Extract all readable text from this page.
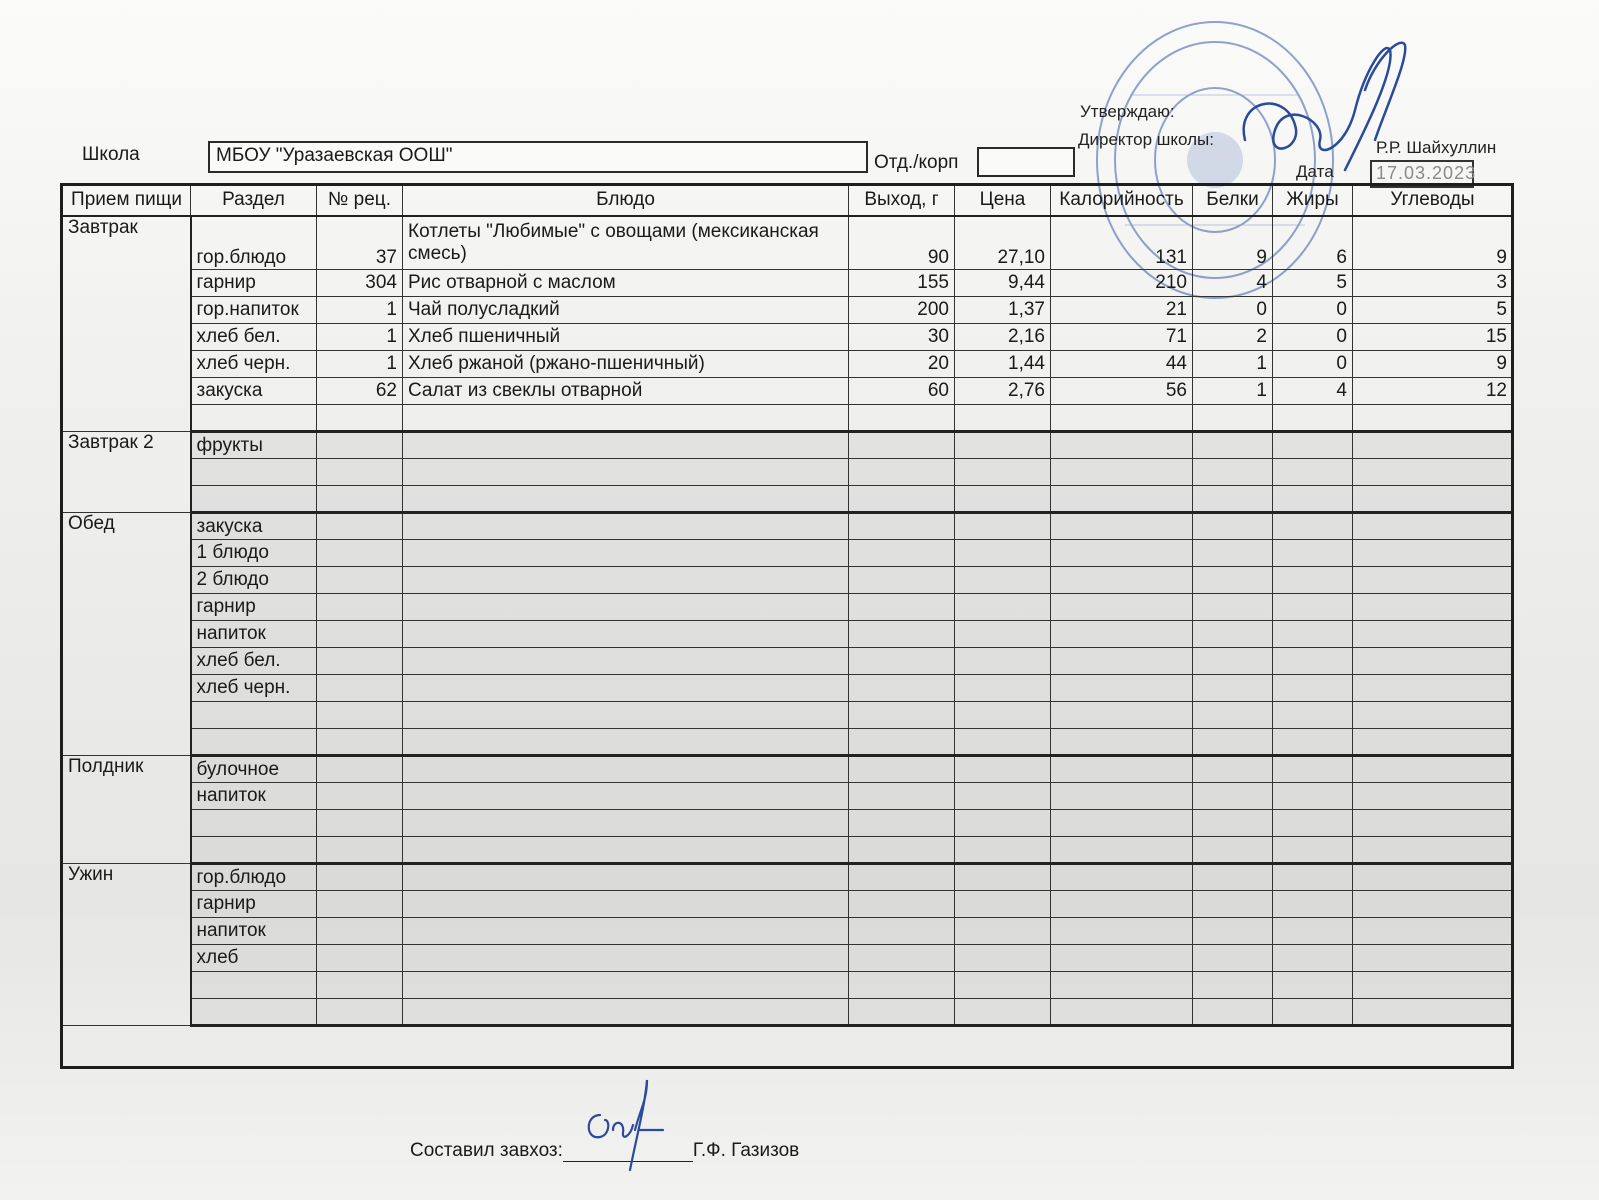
Школа	МБОУ "Уразаевская ООШ"	Отд./корп
Утверждаю:
Директор школы:	Р.Р. Шайхуллин
Дата	17.03.2023
Прием пищи	Раздел	№ рец.	Блюдо	Выход, г	Цена	Калорийность	Белки	Жиры	Углеводы
Завтрак	гор.блюдо	37	Котлеты "Любимые" с овощами (мексиканская смесь)	90	27,10	131	9	6	9
	гарнир	304	Рис отварной с маслом	155	9,44	210	4	5	3
	гор.напиток	1	Чай полусладкий	200	1,37	21	0	0	5
	хлеб бел.	1	Хлеб пшеничный	30	2,16	71	2	0	15
	хлеб черн.	1	Хлеб ржаной (ржано-пшеничный)	20	1,44	44	1	0	9
	закуска	62	Салат из свеклы отварной	60	2,76	56	1	4	12

Завтрак 2	фрукты								

Обед	закуска								
	1 блюдо								
	2 блюдо								
	гарнир								
	напиток								
	хлеб бел.								
	хлеб черн.								

Полдник	булочное								
	напиток								

Ужин	гор.блюдо								
	гарнир								
	напиток								
	хлеб								

Составил завхоз:	Г.Ф. Газизов
